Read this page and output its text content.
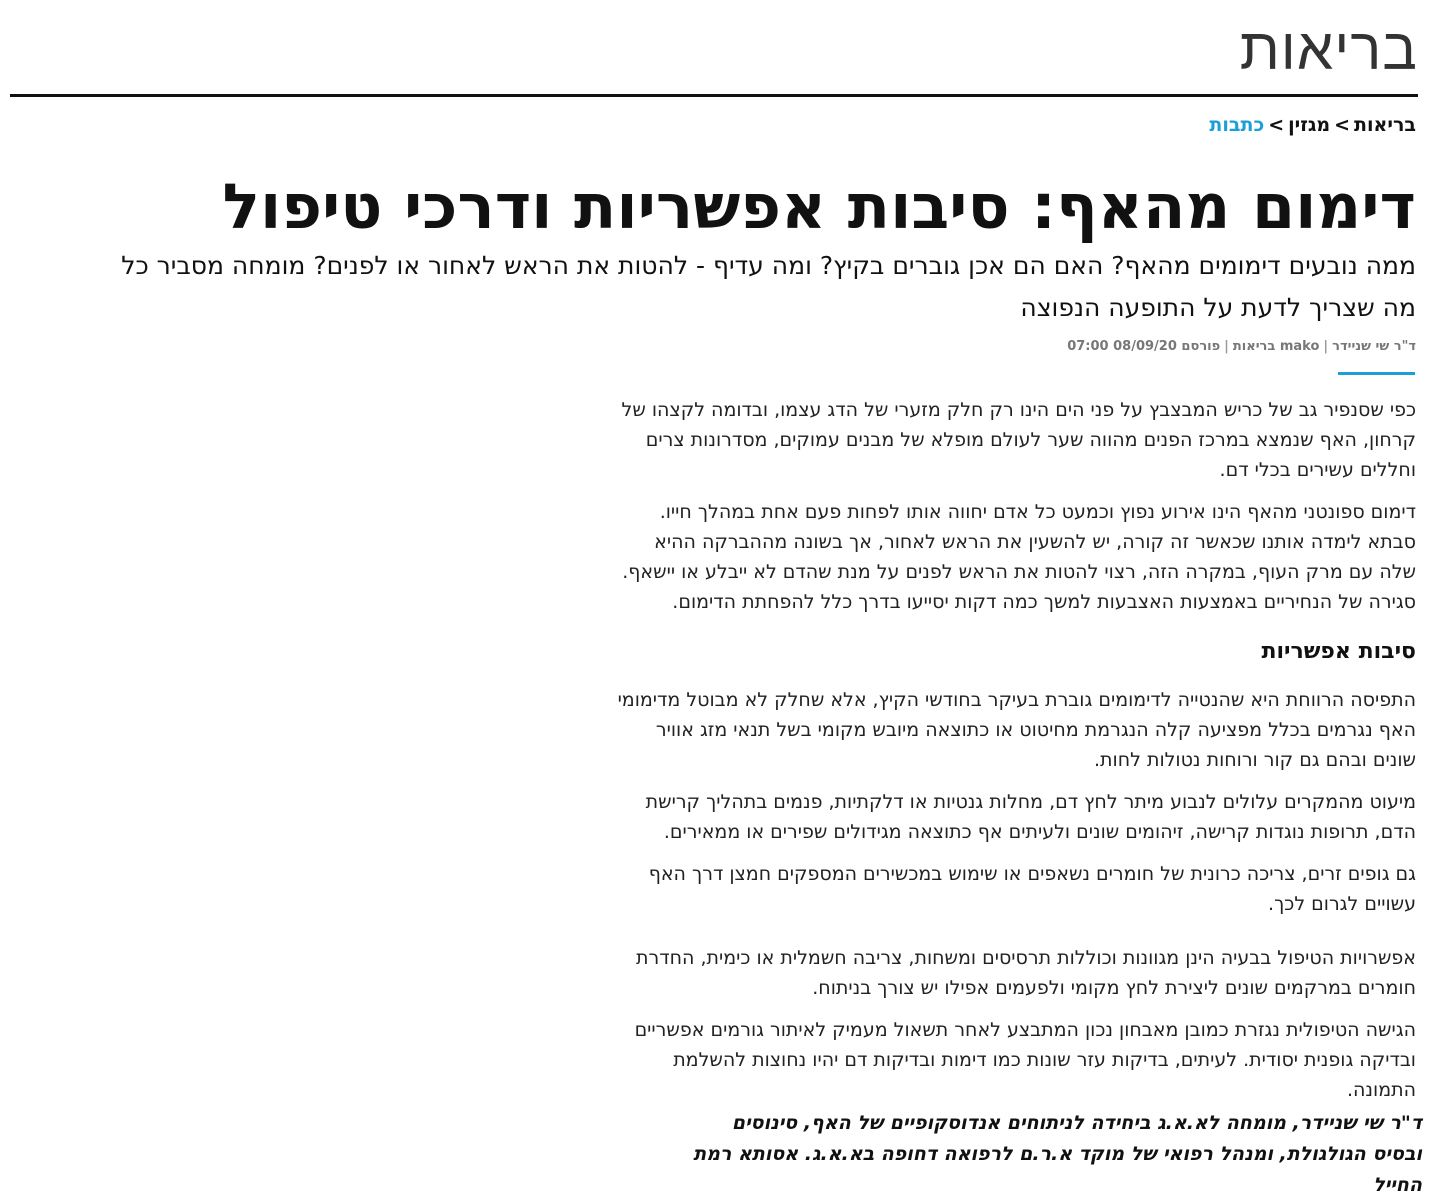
בריאות
בריאות>מגזין>כתבות
דימום מהאף: סיבות אפשריות ודרכי טיפול

ממה נובעים דימומים מהאף? האם הם אכן גוברים בקיץ? ומה עדיף - להטות את הראש לאחור או לפנים? מומחה מסביר כל מה שצריך לדעת על התופעה הנפוצה

ד"ר שי שניידר|mako בריאות|פורסם 08/09/20 07:00

כפי שסנפיר גב של כריש המבצבץ על פני הים הינו רק חלק מזערי של הדג עצמו, ובדומה לקצהו של קרחון, האף שנמצא במרכז הפנים מהווה שער לעולם מופלא של מבנים עמוקים, מסדרונות צרים וחללים עשירים בכלי דם.

דימום ספונטני מהאף הינו אירוע נפוץ וכמעט כל אדם יחווה אותו לפחות פעם אחת במהלך חייו. סבתא לימדה אותנו שכאשר זה קורה, יש להשעין את הראש לאחור, אך בשונה מההברקה ההיא שלה עם מרק העוף, במקרה הזה, רצוי להטות את הראש לפנים על מנת שהדם לא ייבלע או יישאף. סגירה של הנחיריים באמצעות האצבעות למשך כמה דקות יסייעו בדרך כלל להפחתת הדימום.

סיבות אפשריות

התפיסה הרווחת היא שהנטייה לדימומים גוברת בעיקר בחודשי הקיץ, אלא שחלק לא מבוטל מדימומי האף נגרמים בכלל מפציעה קלה הנגרמת מחיטוט או כתוצאה מיובש מקומי בשל תנאי מזג אוויר שונים ובהם גם קור ורוחות נטולות לחות.

מיעוט מהמקרים עלולים לנבוע מיתר לחץ דם, מחלות גנטיות או דלקתיות, פנמים בתהליך קרישת הדם, תרופות נוגדות קרישה, זיהומים שונים ולעיתים אף כתוצאה מגידולים שפירים או ממאירים.

גם גופים זרים, צריכה כרונית של חומרים נשאפים או שימוש במכשירים המספקים חמצן דרך האף עשויים לגרום לכך.

אפשרויות הטיפול בבעיה הינן מגוונות וכוללות תרסיסים ומשחות, צריבה חשמלית או כימית, החדרת חומרים במרקמים שונים ליצירת לחץ מקומי ולפעמים אפילו יש צורך בניתוח.

הגישה הטיפולית נגזרת כמובן מאבחון נכון המתבצע לאחר תשאול מעמיק לאיתור גורמים אפשריים ובדיקה גופנית יסודית. לעיתים, בדיקות עזר שונות כמו דימות ובדיקות דם יהיו נחוצות להשלמת התמונה.

ד"ר שי שניידר, מומחה לא.א.ג ביחידה לניתוחים אנדוסקופיים של האף, סינוסים ובסיס הגולגולת, ומנהל רפואי של מוקד א.ר.ם לרפואה דחופה בא.א.ג. אסותא רמת החייל
